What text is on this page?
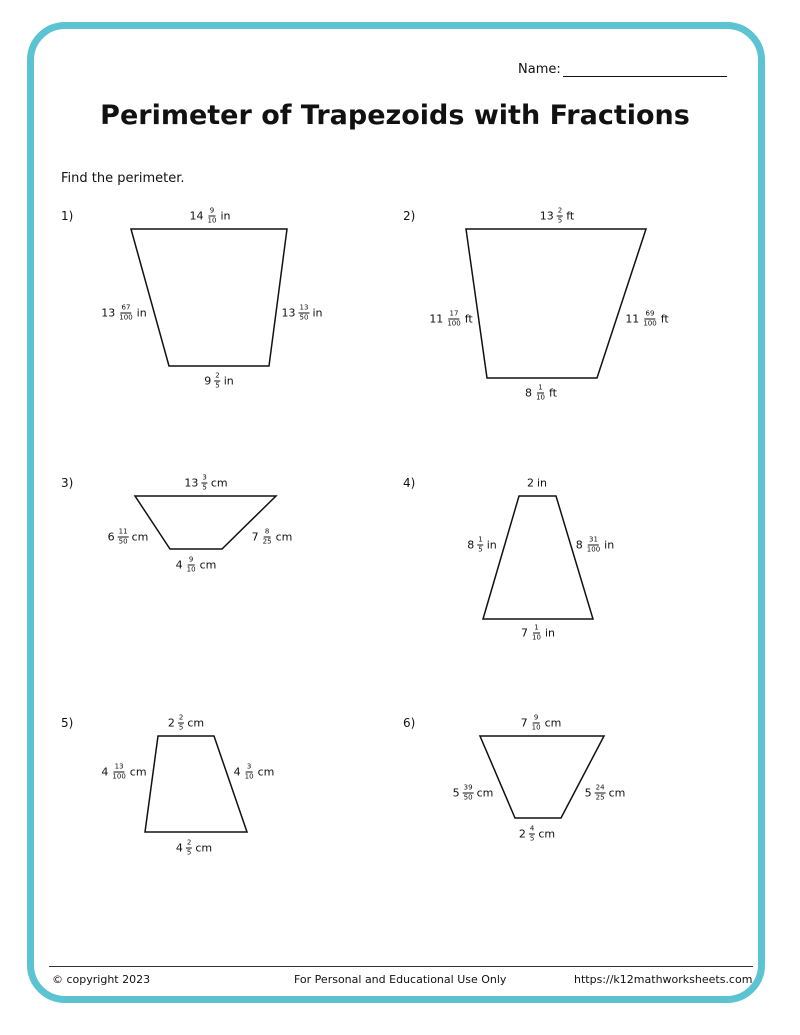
Name:
Perimeter of Trapezoids with Fractions
Find the perimeter.
1)	$14 \frac{9}{10}$ in
$13 \frac{67}{100}$ in	$13 \frac{13}{50}$ in
$9 \frac{2}{5}$ in
2)	$13 \frac{2}{5}$ ft
$11 \frac{17}{100}$ ft	$11 \frac{69}{100}$ ft
$8 \frac{1}{10}$ ft
3)	$13 \frac{3}{5}$ cm
$6 \frac{11}{50}$ cm	$7 \frac{8}{25}$ cm
$4 \frac{9}{10}$ cm
4)	2 in
$8 \frac{1}{5}$ in	$8 \frac{31}{100}$ in
$7 \frac{1}{10}$ in
5)	$2 \frac{2}{5}$ cm
$4 \frac{13}{100}$ cm	$4 \frac{3}{10}$ cm
$4 \frac{2}{5}$ cm
6)	$7 \frac{9}{10}$ cm
$5 \frac{39}{50}$ cm	$5 \frac{24}{25}$ cm
$2 \frac{4}{5}$ cm
© copyright 2023	For Personal and Educational Use Only	https://k12mathworksheets.com
